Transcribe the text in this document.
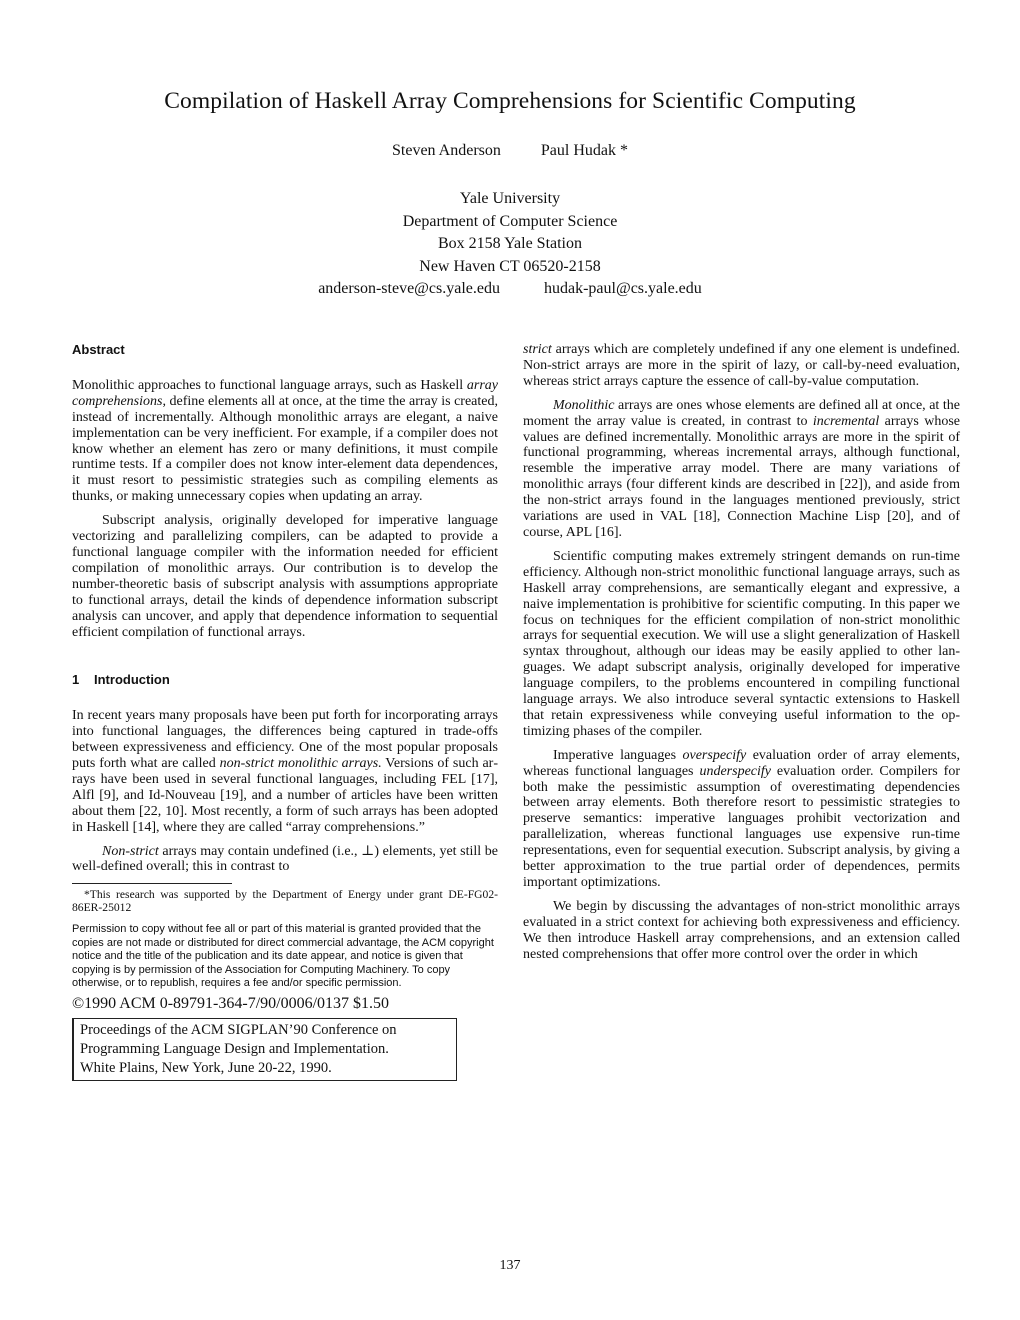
Compilation of Haskell Array Comprehensions for Scientific Computing
Steven Anderson	Paul Hudak *
Yale University
Department of Computer Science
Box 2158 Yale Station
New Haven CT 06520-2158
anderson-steve@cs.yale.edu	hudak-paul@cs.yale.edu
Abstract

Monolithic approaches to functional language arrays, such as Haskell array comprehensions, define elements all at once, at the time the array is created, instead of incrementally. Although monolithic arrays are elegant, a naive implementation can be very inefficient. For example, if a compiler does not know whether an element has zero or many definitions, it must compile runtime tests. If a compiler does not know inter-element data dependences, it must resort to pessimistic strategies such as compiling elements as thunks, or making unnecessary copies when updating an array.

Subscript analysis, originally developed for imperative language vectorizing and parallelizing compilers, can be adapted to provide a functional language compiler with the information needed for efficient compilation of monolithic arrays. Our contribution is to develop the number-theoretic basis of subscript analysis with assumptions appropriate to functional arrays, detail the kinds of dependence information subscript analysis can uncover, and apply that dependence information to sequential efficient compilation of functional arrays.

1 Introduction

In recent years many proposals have been put forth for incorporating arrays into functional languages, the differences being captured in trade-offs between expressiveness and efficiency. One of the most popular proposals puts forth what are called non-strict monolithic arrays. Versions of such arrays have been used in several functional languages, including FEL [17], Alfl [9], and Id-Nouveau [19], and a number of articles have been written about them [22, 10]. Most recently, a form of such arrays has been adopted in Haskell [14], where they are called “array comprehensions.”

Non-strict arrays may contain undefined (i.e., ⊥) elements, yet still be well-defined overall; this in contrast to

*This research was supported by the Department of Energy under grant DE-FG02-86ER-25012

Permission to copy without fee all or part of this material is granted provided that the copies are not made or distributed for direct commercial advantage, the ACM copyright notice and the title of the publication and its date appear, and notice is given that copying is by permission of the Association for Computing Machinery. To copy otherwise, or to republish, requires a fee and/or specific permission.

©1990 ACM 0-89791-364-7/90/0006/0137 $1.50
Proceedings of the ACM SIGPLAN’90 Conference on
Programming Language Design and Implementation.
White Plains, New York, June 20-22, 1990.

strict arrays which are completely undefined if any one element is undefined. Non-strict arrays are more in the spirit of lazy, or call-by-need evaluation, whereas strict arrays capture the essence of call-by-value computation.

Monolithic arrays are ones whose elements are defined all at once, at the moment the array value is created, in contrast to incremental arrays whose values are defined incrementally. Monolithic arrays are more in the spirit of functional programming, whereas incremental arrays, although functional, resemble the imperative array model. There are many variations of monolithic arrays (four different kinds are described in [22]), and aside from the non-strict arrays found in the languages mentioned previously, strict variations are used in VAL [18], Connection Machine Lisp [20], and of course, APL [16].

Scientific computing makes extremely stringent demands on run-time efficiency. Although non-strict monolithic functional language arrays, such as Haskell array comprehensions, are semantically elegant and expressive, a naive implementation is prohibitive for scientific computing. In this paper we focus on techniques for the efficient compilation of non-strict monolithic arrays for sequential execution. We will use a slight generalization of Haskell syntax throughout, although our ideas may be easily applied to other languages. We adapt subscript analysis, originally developed for imperative language compilers, to the problems encountered in compiling functional language arrays. We also introduce several syntactic extensions to Haskell that retain expressiveness while conveying useful information to the optimizing phases of the compiler.

Imperative languages overspecify evaluation order of array elements, whereas functional languages underspecify evaluation order. Compilers for both make the pessimistic assumption of overestimating dependencies between array elements. Both therefore resort to pessimistic strategies to preserve semantics: imperative languages prohibit vectorization and parallelization, whereas functional languages use expensive run-time representations, even for sequential execution. Subscript analysis, by giving a better approximation to the true partial order of dependences, permits important optimizations.

We begin by discussing the advantages of non-strict monolithic arrays evaluated in a strict context for achieving both expressiveness and efficiency. We then introduce Haskell array comprehensions, and an extension called nested comprehensions that offer more control over the order in which

137
